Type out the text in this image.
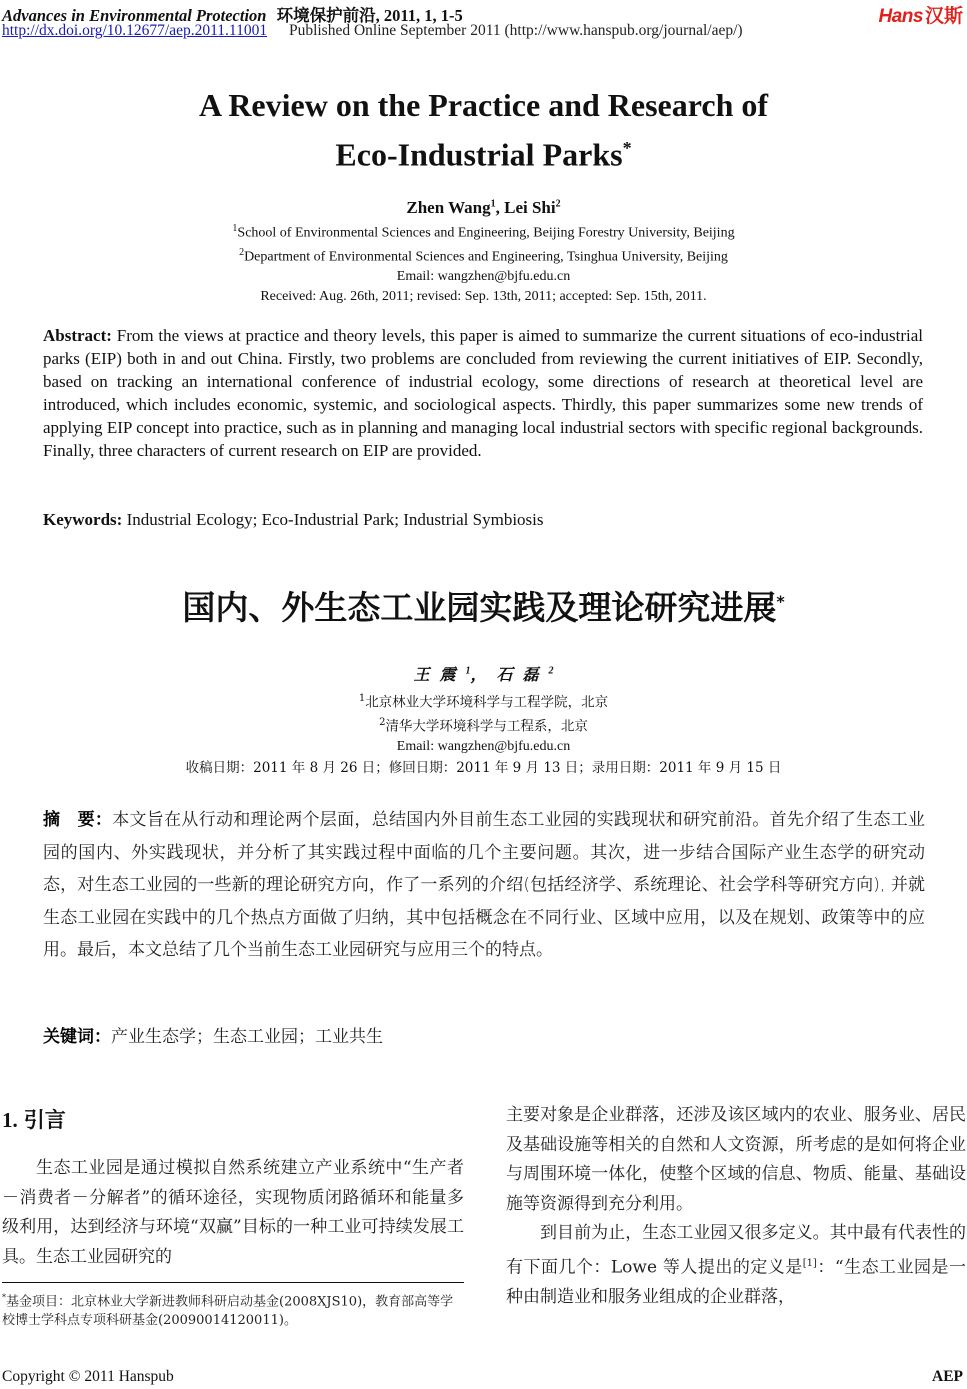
Advances in Environmental Protection 环境保护前沿, 2011, 1, 1-5
http://dx.doi.org/10.12677/aep.2011.11001 Published Online September 2011 (http://www.hanspub.org/journal/aep/)
Hans 汉斯
A Review on the Practice and Research of
Eco-Industrial Parks*
Zhen Wang$^1$, Lei Shi$^2$
$^1$School of Environmental Sciences and Engineering, Beijing Forestry University, Beijing
$^2$Department of Environmental Sciences and Engineering, Tsinghua University, Beijing
Email: wangzhen@bjfu.edu.cn
Received: Aug. 26th, 2011; revised: Sep. 13th, 2011; accepted: Sep. 15th, 2011.
Abstract: From the views at practice and theory levels, this paper is aimed to summarize the current situations of eco-industrial parks (EIP) both in and out China. Firstly, two problems are concluded from reviewing the current initiatives of EIP. Secondly, based on tracking an international conference of industrial ecology, some directions of research at theoretical level are introduced, which includes economic, systemic, and sociological aspects. Thirdly, this paper summarizes some new trends of applying EIP concept into practice, such as in planning and managing local industrial sectors with specific regional backgrounds. Finally, three characters of current research on EIP are provided.
Keywords: Industrial Ecology; Eco-Industrial Park; Industrial Symbiosis
国内、外生态工业园实践及理论研究进展*
王震$^1$，石磊$^2$
$^1$北京林业大学环境科学与工程学院，北京
$^2$清华大学环境科学与工程系，北京
Email: wangzhen@bjfu.edu.cn
收稿日期：2011 年 8 月 26 日；修回日期：2011 年 9 月 13 日；录用日期：2011 年 9 月 15 日
摘　要：本文旨在从行动和理论两个层面，总结国内外目前生态工业园的实践现状和研究前沿。首先介绍了生态工业园的国内、外实践现状，并分析了其实践过程中面临的几个主要问题。其次，进一步结合国际产业生态学的研究动态，对生态工业园的一些新的理论研究方向，作了一系列的介绍(包括经济学、系统理论、社会学科等研究方向), 并就生态工业园在实践中的几个热点方面做了归纳，其中包括概念在不同行业、区域中应用，以及在规划、政策等中的应用。最后，本文总结了几个当前生态工业园研究与应用三个的特点。
关键词：产业生态学；生态工业园；工业共生
1. 引言

生态工业园是通过模拟自然系统建立产业系统中“生产者－消费者－分解者”的循环途径，实现物质闭路循环和能量多级利用，达到经济与环境“双赢”目标的一种工业可持续发展工具。生态工业园研究的

*基金项目：北京林业大学新进教师科研启动基金(2008XJS10)，教育部高等学校博士学科点专项科研基金(20090014120011)。

主要对象是企业群落，还涉及该区域内的农业、服务业、居民及基础设施等相关的自然和人文资源，所考虑的是如何将企业与周围环境一体化，使整个区域的信息、物质、能量、基础设施等资源得到充分利用。

到目前为止，生态工业园又很多定义。其中最有代表性的有下面几个：Lowe 等人提出的定义是[1]：“生态工业园是一种由制造业和服务业组成的企业群落，

Copyright © 2011 Hanspub	AEP
